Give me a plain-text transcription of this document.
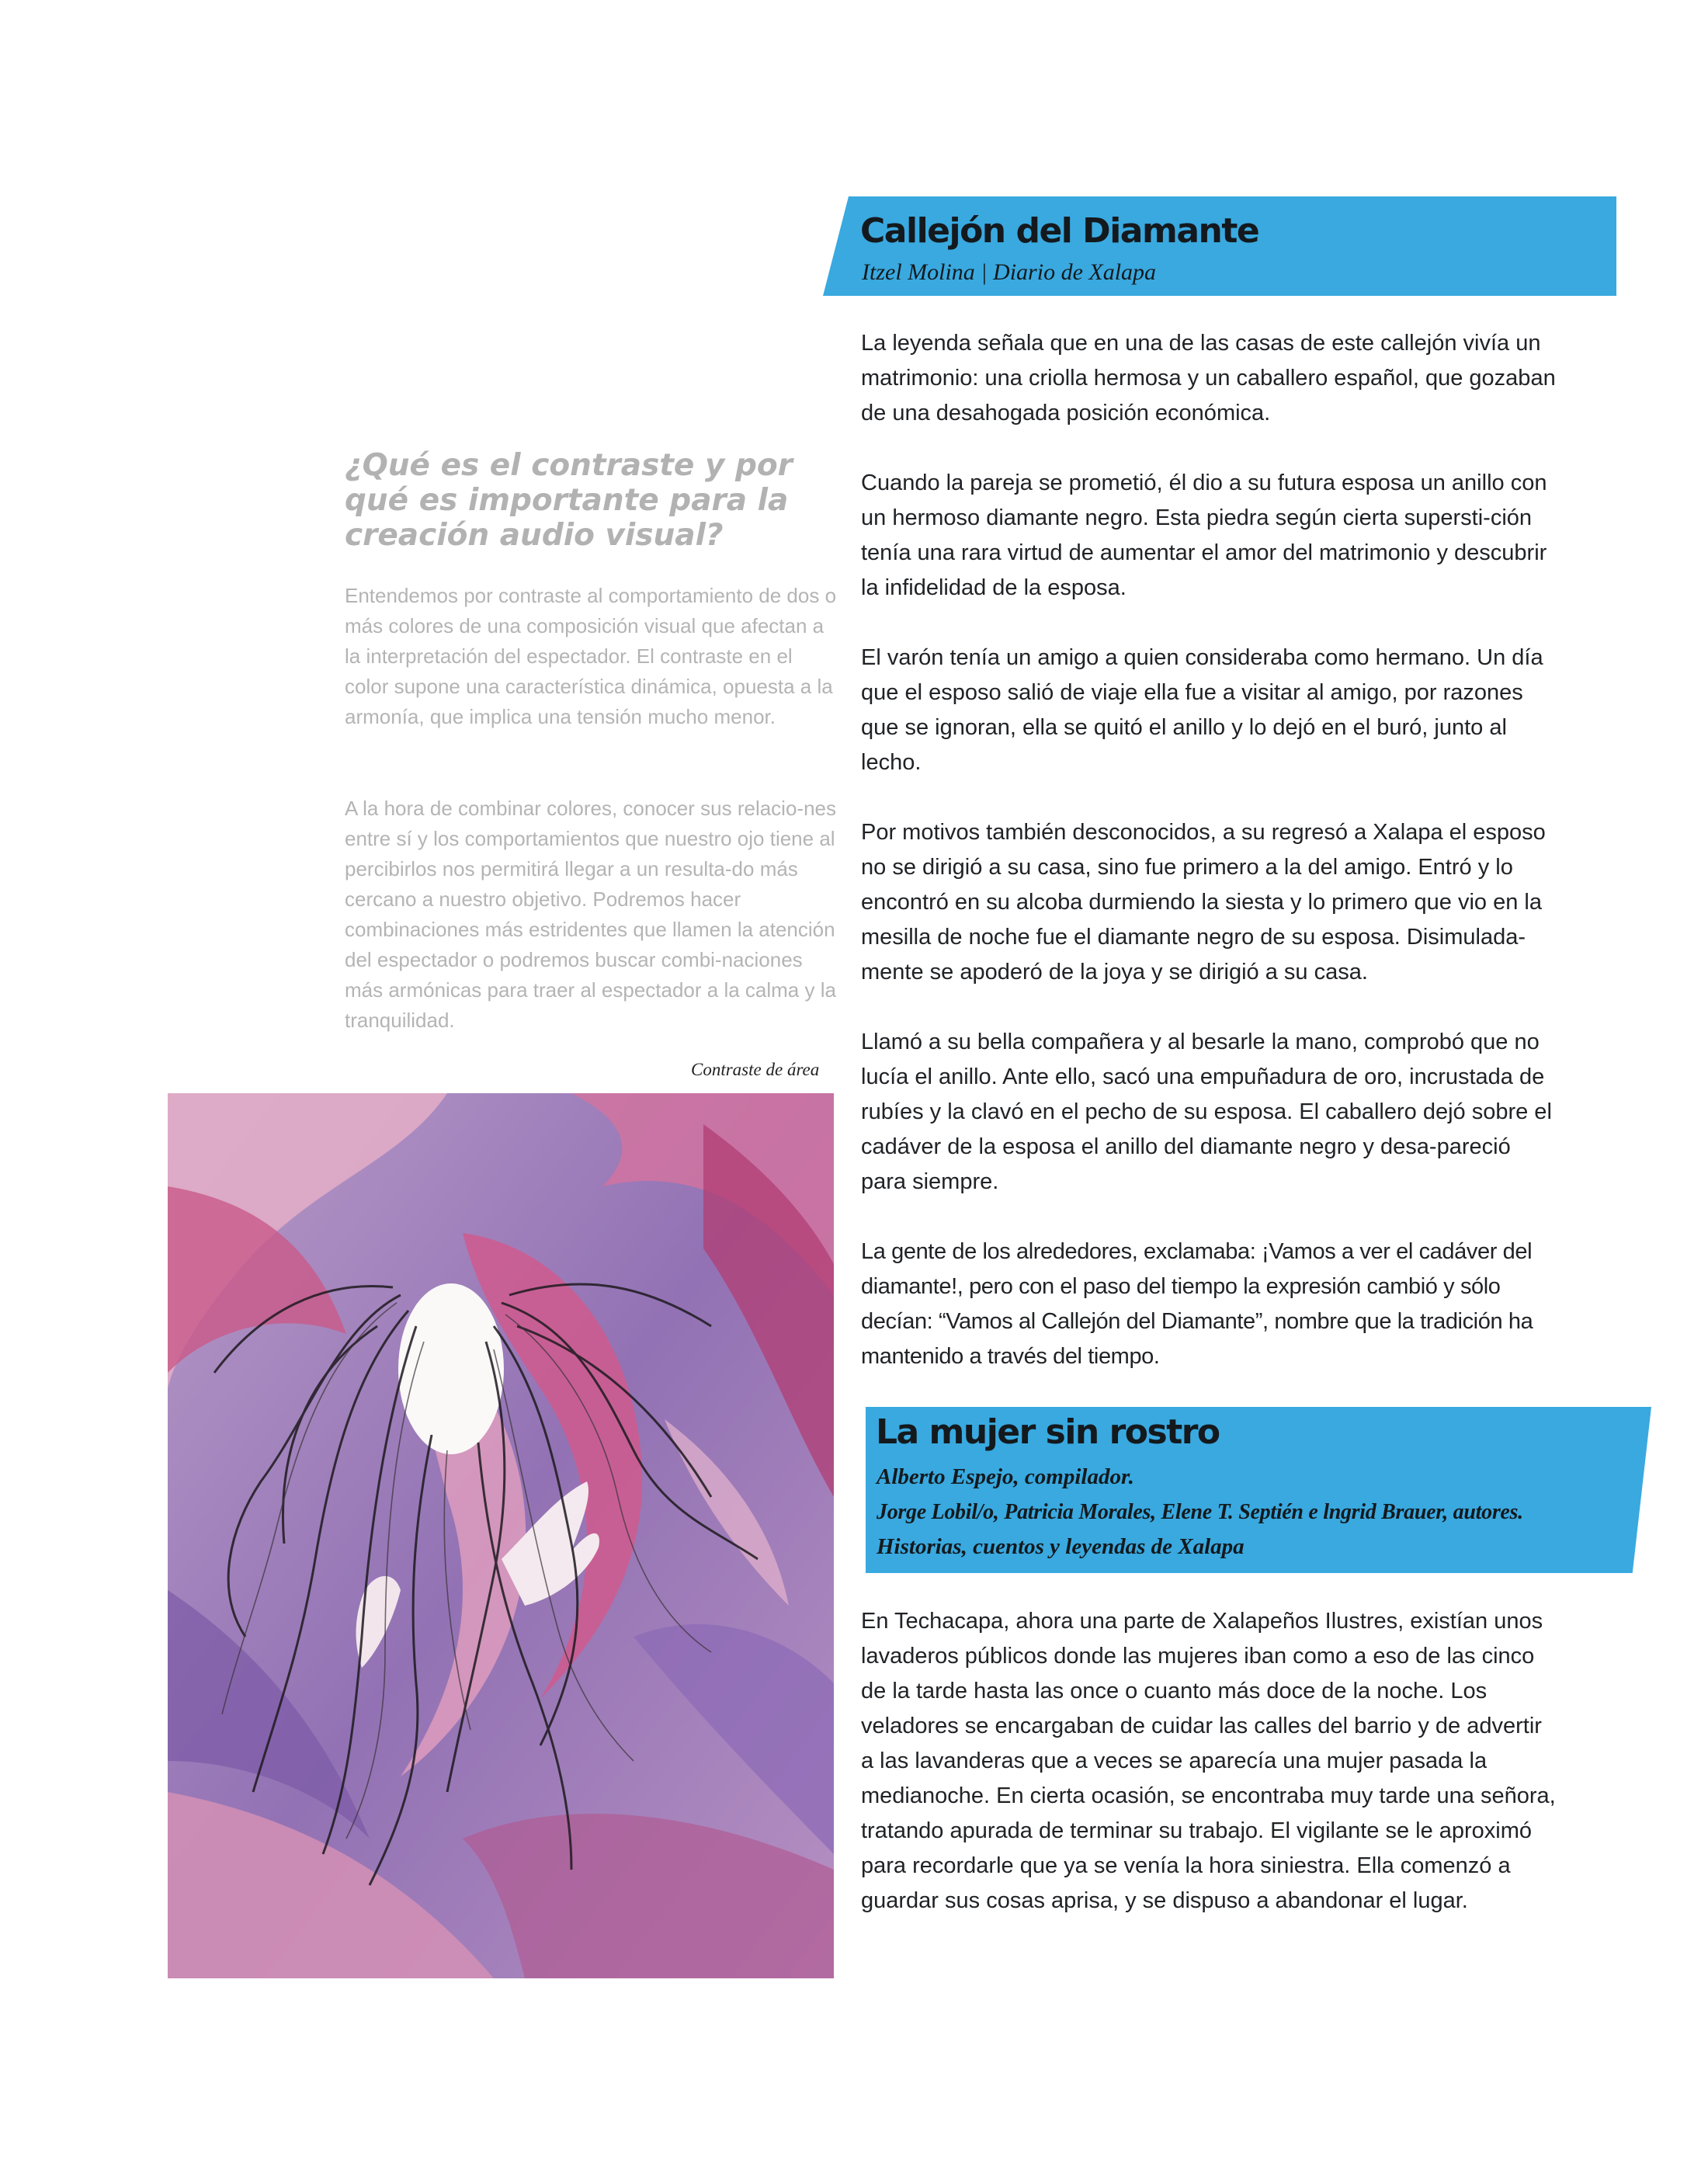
Callejón del Diamante
Itzel Molina | Diario de Xalapa

La leyenda señala que en una de las casas de este callejón vivía un matrimonio: una criolla hermosa y un caballero español, que gozaban de una desahogada posición económica.

Cuando la pareja se prometió, él dio a su futura esposa un anillo con un hermoso diamante negro. Esta piedra según cierta supersti-ción tenía una rara virtud de aumentar el amor del matrimonio y descubrir la infidelidad de la esposa.

El varón tenía un amigo a quien consideraba como hermano. Un día que el esposo salió de viaje ella fue a visitar al amigo, por razones que se ignoran, ella se quitó el anillo y lo dejó en el buró, junto al lecho.

Por motivos también desconocidos, a su regresó a Xalapa el esposo no se dirigió a su casa, sino fue primero a la del amigo. Entró y lo encontró en su alcoba durmiendo la siesta y lo primero que vio en la mesilla de noche fue el diamante negro de su esposa. Disimulada-mente se apoderó de la joya y se dirigió a su casa.

Llamó a su bella compañera y al besarle la mano, comprobó que no lucía el anillo. Ante ello, sacó una empuñadura de oro, incrustada de rubíes y la clavó en el pecho de su esposa. El caballero dejó sobre el cadáver de la esposa el anillo del diamante negro y desa-pareció para siempre.

La gente de los alrededores, exclamaba: ¡Vamos a ver el cadáver del diamante!, pero con el paso del tiempo la expresión cambió y sólo decían: “Vamos al Callejón del Diamante”, nombre que la tradición ha mantenido a través del tiempo.

La mujer sin rostro
Alberto Espejo, compilador.
Jorge Lobil/o, Patricia Morales, Elene T. Septién e lngrid Brauer, autores.
Historias, cuentos y leyendas de Xalapa

En Techacapa, ahora una parte de Xalapeños Ilustres, existían unos lavaderos públicos donde las mujeres iban como a eso de las cinco de la tarde hasta las once o cuanto más doce de la noche. Los veladores se encargaban de cuidar las calles del barrio y de advertir a las lavanderas que a veces se aparecía una mujer pasada la medianoche. En cierta ocasión, se encontraba muy tarde una señora, tratando apurada de terminar su trabajo. El vigilante se le aproximó para recordarle que ya se venía la hora siniestra. Ella comenzó a guardar sus cosas aprisa, y se dispuso a abandonar el lugar.

¿Qué es el contraste y por qué es importante para la creación audio visual?

Entendemos por contraste al comportamiento de dos o más colores de una composición visual que afectan a la interpretación del espectador. El contraste en el color supone una característica dinámica, opuesta a la armonía, que implica una tensión mucho menor.

A la hora de combinar colores, conocer sus relacio-nes entre sí y los comportamientos que nuestro ojo tiene al percibirlos nos permitirá llegar a un resulta-do más cercano a nuestro objetivo. Podremos hacer combinaciones más estridentes que llamen la atención del espectador o podremos buscar combi-naciones más armónicas para traer al espectador a la calma y la tranquilidad.

Contraste de área
